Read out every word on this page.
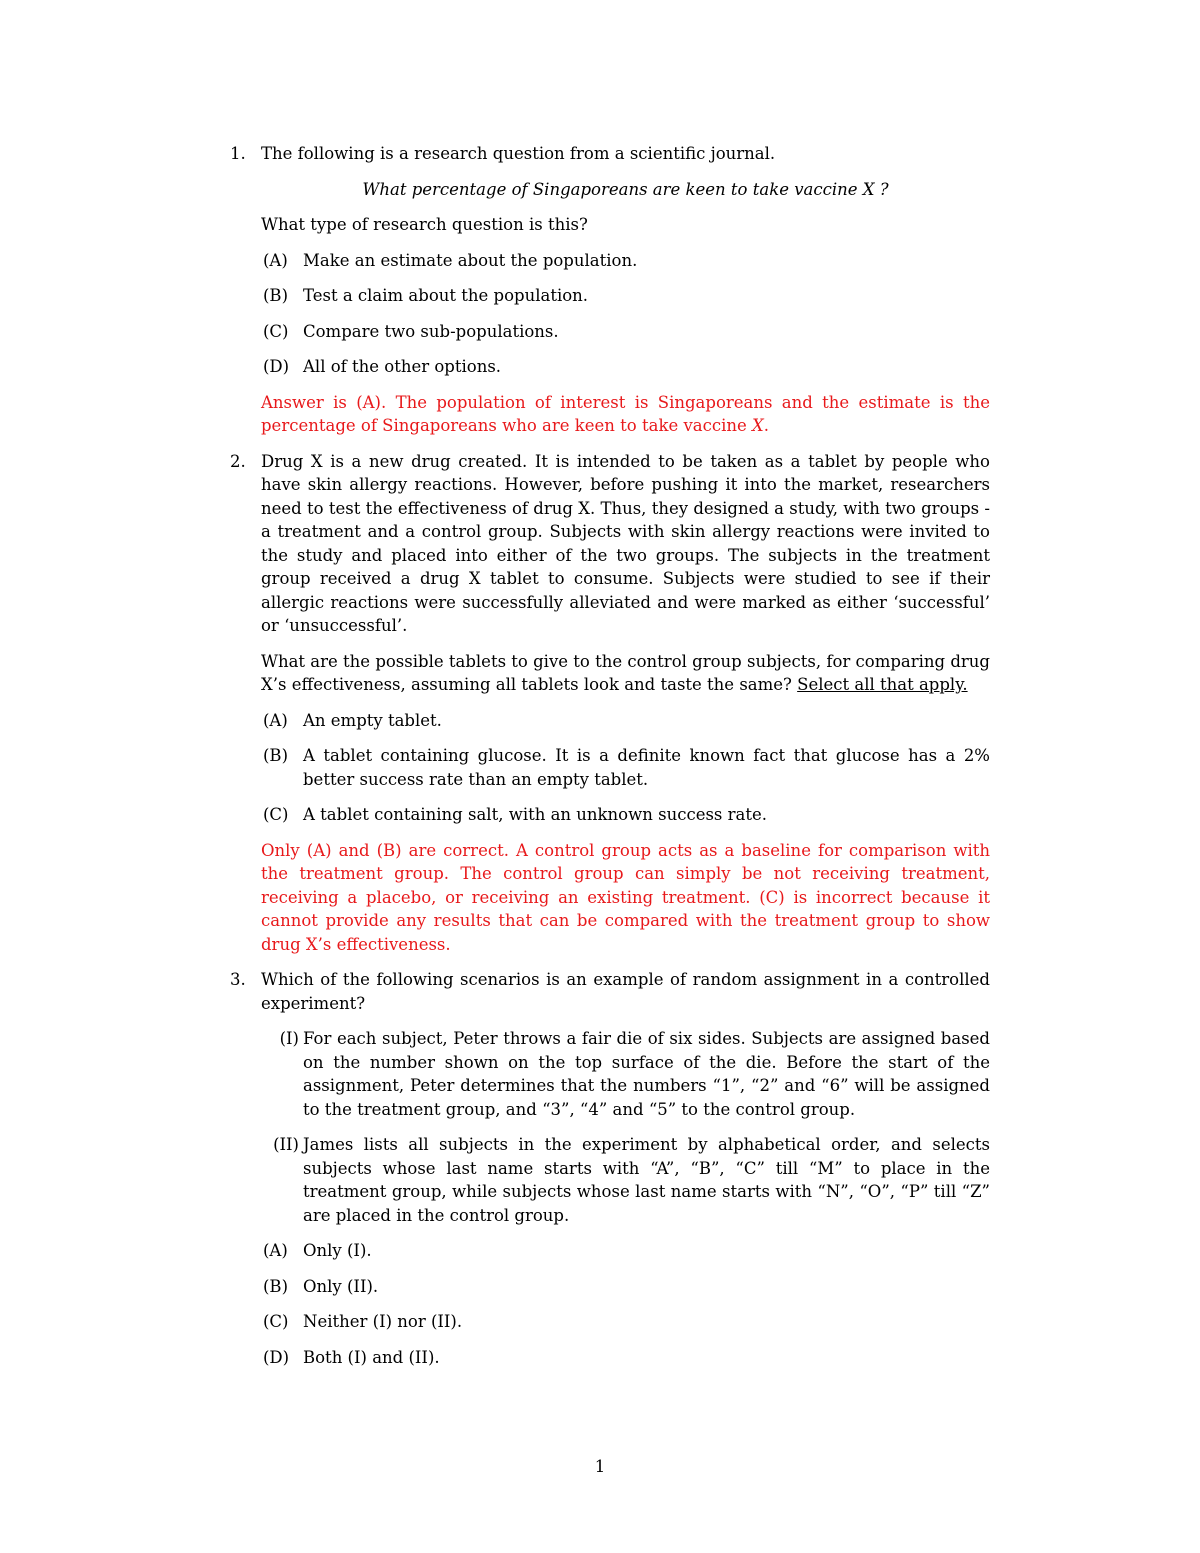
1. The following is a research question from a scientific journal.

What percentage of Singaporeans are keen to take vaccine X ?

What type of research question is this?

(A) Make an estimate about the population.
(B) Test a claim about the population.
(C) Compare two sub-populations.
(D) All of the other options.

Answer is (A). The population of interest is Singaporeans and the estimate is the percentage of Singaporeans who are keen to take vaccine X.

2. Drug X is a new drug created. It is intended to be taken as a tablet by people who have skin allergy reactions. However, before pushing it into the market, researchers need to test the effectiveness of drug X. Thus, they designed a study, with two groups - a treatment and a control group. Subjects with skin allergy reactions were invited to the study and placed into either of the two groups. The subjects in the treatment group received a drug X tablet to consume. Subjects were studied to see if their allergic reactions were successfully alleviated and were marked as either ‘successful’ or ‘unsuccessful’.

What are the possible tablets to give to the control group subjects, for comparing drug X’s effectiveness, assuming all tablets look and taste the same? Select all that apply.

(A) An empty tablet.
(B) A tablet containing glucose. It is a definite known fact that glucose has a 2% better success rate than an empty tablet.
(C) A tablet containing salt, with an unknown success rate.

Only (A) and (B) are correct. A control group acts as a baseline for comparison with the treatment group. The control group can simply be not receiving treatment, receiving a placebo, or receiving an existing treatment. (C) is incorrect because it cannot provide any results that can be compared with the treatment group to show drug X’s effectiveness.

3. Which of the following scenarios is an example of random assignment in a controlled experiment?

(I) For each subject, Peter throws a fair die of six sides. Subjects are assigned based on the number shown on the top surface of the die. Before the start of the assignment, Peter determines that the numbers “1”, “2” and “6” will be assigned to the treatment group, and “3”, “4” and “5” to the control group.
(II) James lists all subjects in the experiment by alphabetical order, and selects subjects whose last name starts with “A”, “B”, “C” till “M” to place in the treatment group, while subjects whose last name starts with “N”, “O”, “P” till “Z” are placed in the control group.
(A) Only (I).
(B) Only (II).
(C) Neither (I) nor (II).
(D) Both (I) and (II).
1
